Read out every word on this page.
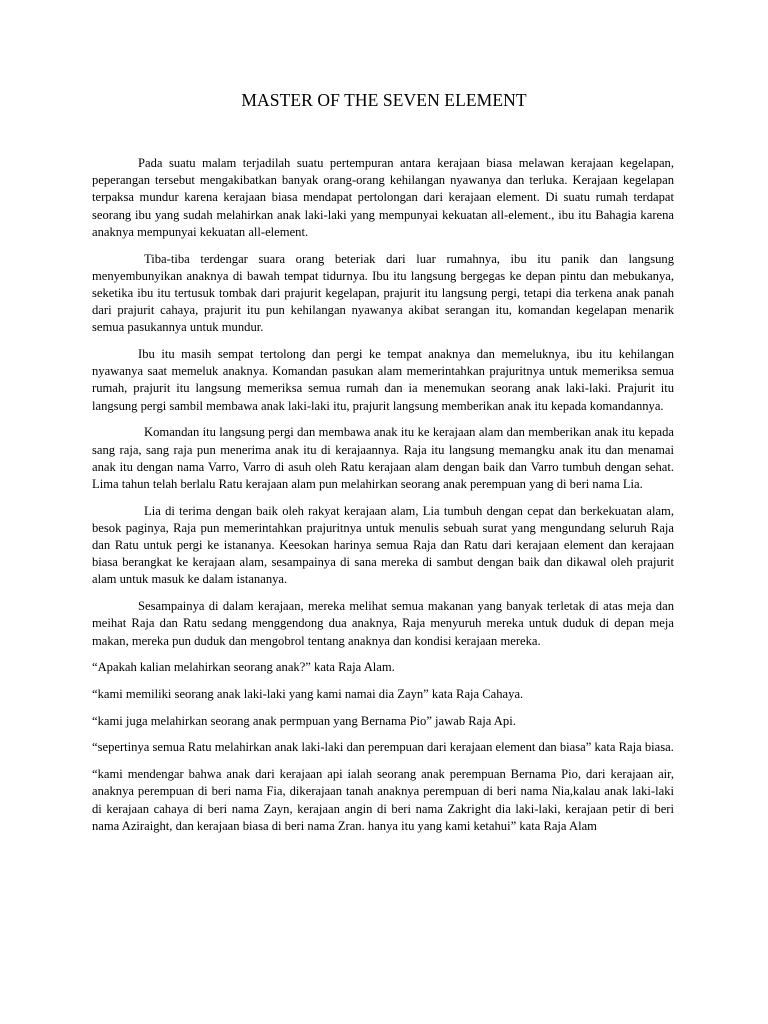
MASTER OF THE SEVEN ELEMENT

Pada suatu malam terjadilah suatu pertempuran antara kerajaan biasa melawan kerajaan kegelapan, peperangan tersebut mengakibatkan banyak orang-orang kehilangan nyawanya dan terluka. Kerajaan kegelapan terpaksa mundur karena kerajaan biasa mendapat pertolongan dari kerajaan element. Di suatu rumah terdapat seorang ibu yang sudah melahirkan anak laki-laki yang mempunyai kekuatan all-element., ibu itu Bahagia karena anaknya mempunyai kekuatan all-element.

Tiba-tiba terdengar suara orang beteriak dari luar rumahnya, ibu itu panik dan langsung menyembunyikan anaknya di bawah tempat tidurnya. Ibu itu langsung bergegas ke depan pintu dan mebukanya, seketika ibu itu tertusuk tombak dari prajurit kegelapan, prajurit itu langsung pergi, tetapi dia terkena anak panah dari prajurit cahaya, prajurit itu pun kehilangan nyawanya akibat serangan itu, komandan kegelapan menarik semua pasukannya untuk mundur.

Ibu itu masih sempat tertolong dan pergi ke tempat anaknya dan memeluknya, ibu itu kehilangan nyawanya saat memeluk anaknya. Komandan pasukan alam memerintahkan prajuritnya untuk memeriksa semua rumah, prajurit itu langsung memeriksa semua rumah dan ia menemukan seorang anak laki-laki. Prajurit itu langsung pergi sambil membawa anak laki-laki itu, prajurit langsung memberikan anak itu kepada komandannya.

Komandan itu langsung pergi dan membawa anak itu ke kerajaan alam dan memberikan anak itu kepada sang raja, sang raja pun menerima anak itu di kerajaannya. Raja itu langsung memangku anak itu dan menamai anak itu dengan nama Varro, Varro di asuh oleh Ratu kerajaan alam dengan baik dan Varro tumbuh dengan sehat. Lima tahun telah berlalu Ratu kerajaan alam pun melahirkan seorang anak perempuan yang di beri nama Lia.

Lia di terima dengan baik oleh rakyat kerajaan alam, Lia tumbuh dengan cepat dan berkekuatan alam, besok paginya, Raja pun memerintahkan prajuritnya untuk menulis sebuah surat yang mengundang seluruh Raja dan Ratu untuk pergi ke istananya. Keesokan harinya semua Raja dan Ratu dari kerajaan element dan kerajaan biasa berangkat ke kerajaan alam, sesampainya di sana mereka di sambut dengan baik dan dikawal oleh prajurit alam untuk masuk ke dalam istananya.

Sesampainya di dalam kerajaan, mereka melihat semua makanan yang banyak terletak di atas meja dan meihat Raja dan Ratu sedang menggendong dua anaknya, Raja menyuruh mereka untuk duduk di depan meja makan, mereka pun duduk dan mengobrol tentang anaknya dan kondisi kerajaan mereka.

“Apakah kalian melahirkan seorang anak?” kata Raja Alam.

“kami memiliki seorang anak laki-laki yang kami namai dia Zayn” kata Raja Cahaya.

“kami juga melahirkan seorang anak permpuan yang Bernama Pio” jawab Raja Api.

“sepertinya semua Ratu melahirkan anak laki-laki dan perempuan dari kerajaan element dan biasa” kata Raja biasa.

“kami mendengar bahwa anak dari kerajaan api ialah seorang anak perempuan Bernama Pio, dari kerajaan air, anaknya perempuan di beri nama Fia, dikerajaan tanah anaknya perempuan di beri nama Nia,kalau anak laki-laki di kerajaan cahaya di beri nama Zayn, kerajaan angin di beri nama Zakright dia laki-laki, kerajaan petir di beri nama Aziraight, dan kerajaan biasa di beri nama Zran. hanya itu yang kami ketahui” kata Raja Alam
